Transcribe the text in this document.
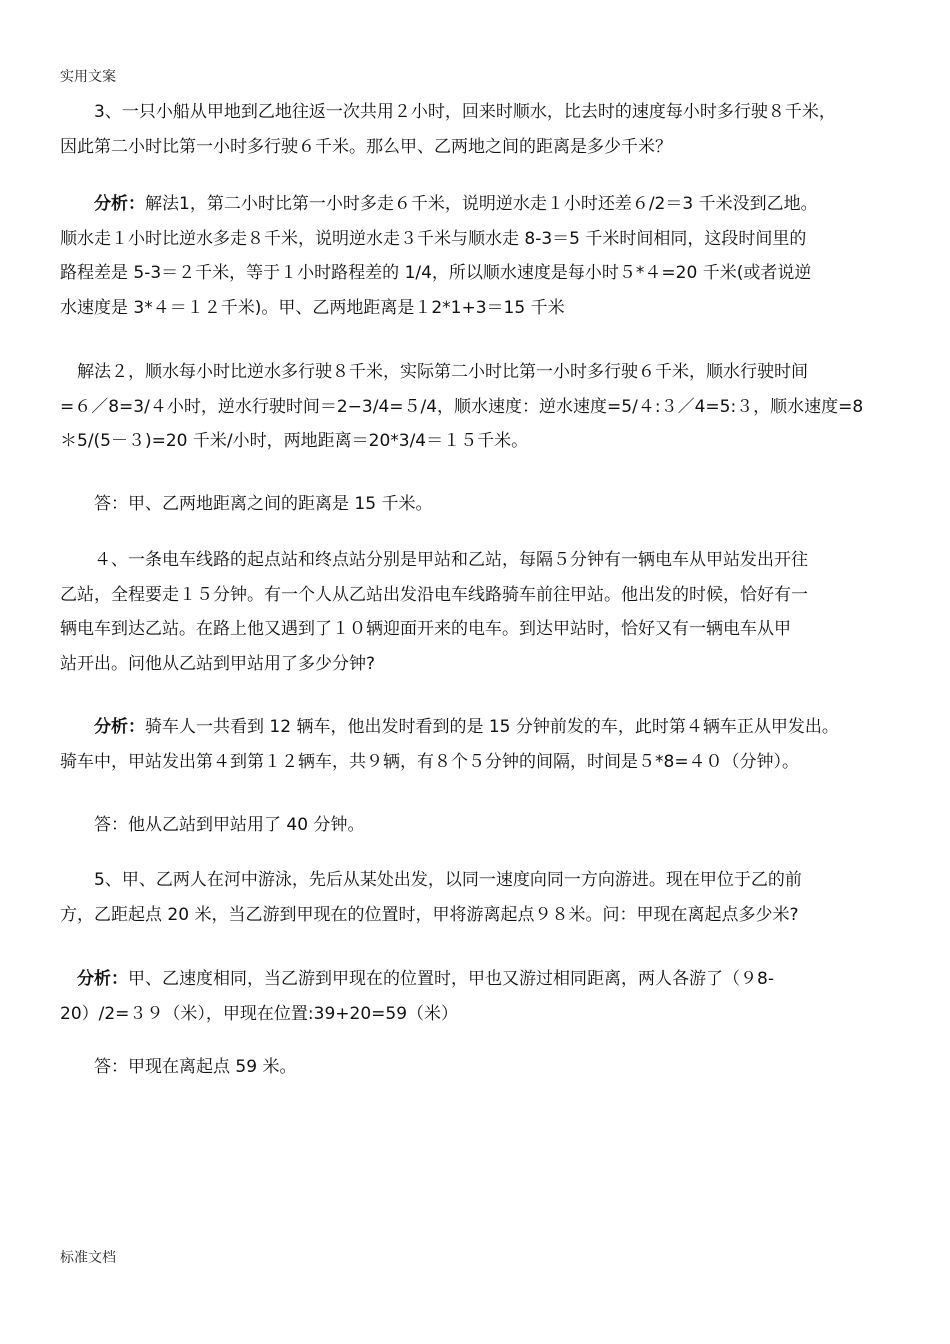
实用文案
　　3、一只小船从甲地到乙地往返一次共用２小时，回来时顺水，比去时的速度每小时多行驶８千米，
因此第二小时比第一小时多行驶６千米。那么甲、乙两地之间的距离是多少千米？
　　分析：解法1，第二小时比第一小时多走６千米，说明逆水走１小时还差６/2＝3 千米没到乙地。
顺水走１小时比逆水多走８千米，说明逆水走３千米与顺水走 8-3＝5 千米时间相同，这段时间里的
路程差是 5-3＝２千米，等于１小时路程差的 1/4，所以顺水速度是每小时５*４=20 千米(或者说逆
水速度是 3*４＝１２千米)。甲、乙两地距离是１2*1+3＝15 千米
　解法２，顺水每小时比逆水多行驶８千米，实际第二小时比第一小时多行驶６千米，顺水行驶时间
=６／8=3/４小时，逆水行驶时间＝2−3/4=５/4，顺水速度：逆水速度=5/４:３／4=5:３，顺水速度=8
＊5/(5－３)=20 千米/小时，两地距离＝20*3/4＝１５千米。
　　答：甲、乙两地距离之间的距离是 15 千米。
　　４、一条电车线路的起点站和终点站分别是甲站和乙站，每隔５分钟有一辆电车从甲站发出开往
乙站，全程要走１５分钟。有一个人从乙站出发沿电车线路骑车前往甲站。他出发的时候，恰好有一
辆电车到达乙站。在路上他又遇到了１０辆迎面开来的电车。到达甲站时，恰好又有一辆电车从甲
站开出。问他从乙站到甲站用了多少分钟?
　　分析：骑车人一共看到 12 辆车，他出发时看到的是 15 分钟前发的车，此时第４辆车正从甲发出。
骑车中，甲站发出第４到第１２辆车，共９辆，有８个５分钟的间隔，时间是５*8=４０（分钟）。
　　答：他从乙站到甲站用了 40 分钟。
　　5、甲、乙两人在河中游泳，先后从某处出发，以同一速度向同一方向游进。现在甲位于乙的前
方，乙距起点 20 米，当乙游到甲现在的位置时，甲将游离起点９８米。问：甲现在离起点多少米?
　分析：甲、乙速度相同，当乙游到甲现在的位置时，甲也又游过相同距离，两人各游了（９8-
20）/2=３９（米），甲现在位置:39+20=59（米）
　　答：甲现在离起点 59 米。
标准文档
